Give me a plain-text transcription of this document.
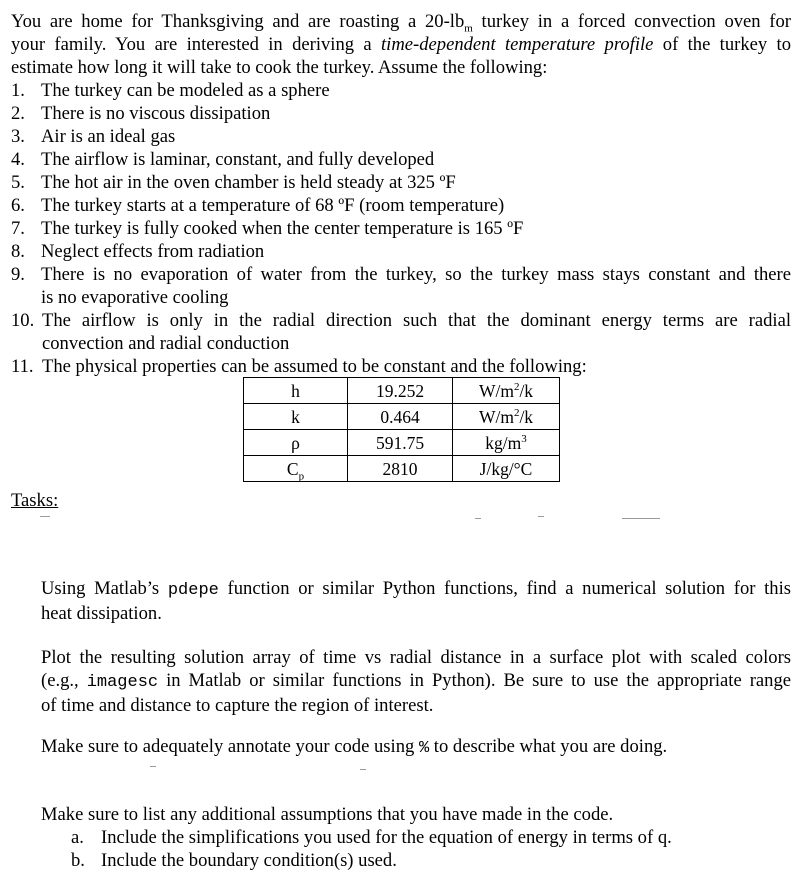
You are home for Thanksgiving and are roasting a $20-lb_m$ turkey in a forced convection oven for
your family. You are interested in deriving a time-dependent temperature profile of the turkey to
estimate how long it will take to cook the turkey. Assume the following:
1. The turkey can be modeled as a sphere
2. There is no viscous dissipation
3. Air is an ideal gas
4. The airflow is laminar, constant, and fully developed
5. The hot air in the oven chamber is held steady at 325 ºF
6. The turkey starts at a temperature of 68 ºF (room temperature)
7. The turkey is fully cooked when the center temperature is 165 ºF
8. Neglect effects from radiation
9. There is no evaporation of water from the turkey, so the turkey mass stays constant and there
is no evaporative cooling
10. The airflow is only in the radial direction such that the dominant energy terms are radial
convection and radial conduction
11. The physical properties can be assumed to be constant and the following:
h	19.252	$W/m^2/k$
k	0.464	$W/m^2/k$
ρ	591.75	$kg/m^3$
$C_p$	2810	J/kg/°C
Tasks:
Using Matlab’s pdepe function or similar Python functions, find a numerical solution for this
heat dissipation.
Plot the resulting solution array of time vs radial distance in a surface plot with scaled colors
(e.g., imagesc in Matlab or similar functions in Python). Be sure to use the appropriate range
of time and distance to capture the region of interest.
Make sure to adequately annotate your code using % to describe what you are doing.
Make sure to list any additional assumptions that you have made in the code.
a. Include the simplifications you used for the equation of energy in terms of q.
b. Include the boundary condition(s) used.
